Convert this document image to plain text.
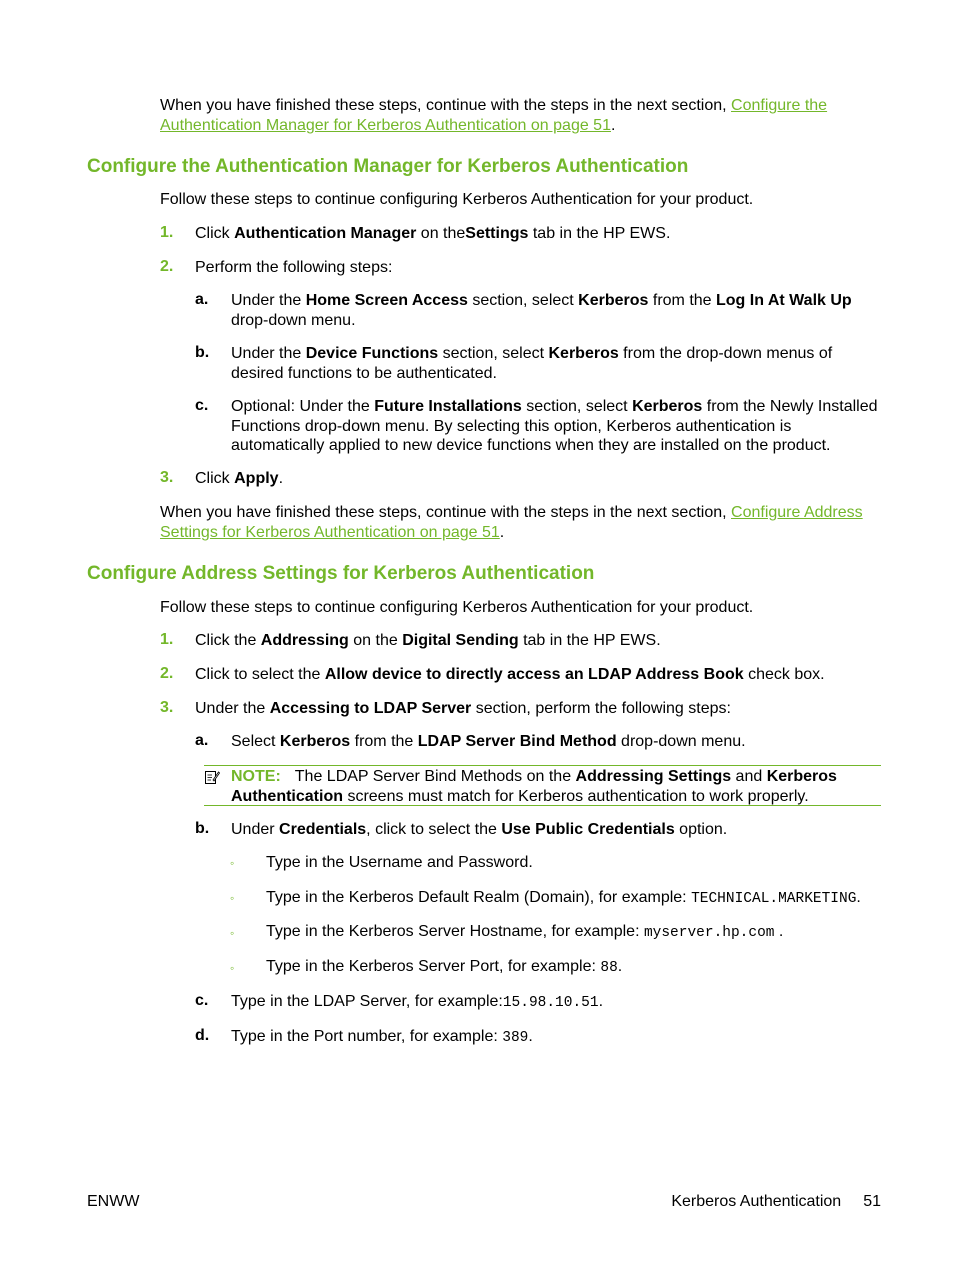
When you have finished these steps, continue with the steps in the next section, Configure the Authentication Manager for Kerberos Authentication on page 51.
Configure the Authentication Manager for Kerberos Authentication
Follow these steps to continue configuring Kerberos Authentication for your product.
1. Click Authentication Manager on theSettings tab in the HP EWS.
2. Perform the following steps:
a. Under the Home Screen Access section, select Kerberos from the Log In At Walk Up drop-down menu.
b. Under the Device Functions section, select Kerberos from the drop-down menus of desired functions to be authenticated.
c. Optional: Under the Future Installations section, select Kerberos from the Newly Installed Functions drop-down menu. By selecting this option, Kerberos authentication is automatically applied to new device functions when they are installed on the product.
3. Click Apply.
When you have finished these steps, continue with the steps in the next section, Configure Address Settings for Kerberos Authentication on page 51.
Configure Address Settings for Kerberos Authentication
Follow these steps to continue configuring Kerberos Authentication for your product.
1. Click the Addressing on the Digital Sending tab in the HP EWS.
2. Click to select the Allow device to directly access an LDAP Address Book check box.
3. Under the Accessing to LDAP Server section, perform the following steps:
a. Select Kerberos from the LDAP Server Bind Method drop-down menu.
NOTE: The LDAP Server Bind Methods on the Addressing Settings and Kerberos Authentication screens must match for Kerberos authentication to work properly.
b. Under Credentials, click to select the Use Public Credentials option.
◦ Type in the Username and Password.
◦ Type in the Kerberos Default Realm (Domain), for example: TECHNICAL.MARKETING.
◦ Type in the Kerberos Server Hostname, for example: myserver.hp.com .
◦ Type in the Kerberos Server Port, for example: 88.
c. Type in the LDAP Server, for example:15.98.10.51.
d. Type in the Port number, for example: 389.
ENWW	Kerberos Authentication 51
